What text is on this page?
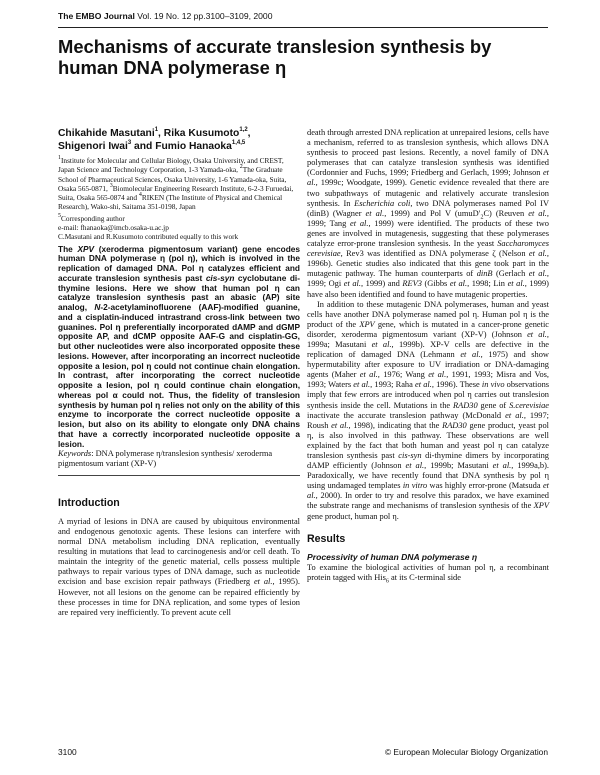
The EMBO Journal Vol. 19 No. 12 pp.3100–3109, 2000
Mechanisms of accurate translesion synthesis by
human DNA polymerase η

Chikahide Masutani$^1$, Rika Kusumoto$^{1,2}$,
Shigenori Iwai$^3$ and Fumio Hanaoka$^{1,4,5}$

$^1$Institute for Molecular and Cellular Biology, Osaka University, and CREST, Japan Science and Technology Corporation, 1-3 Yamada-oka, $^2$The Graduate School of Pharmaceutical Sciences, Osaka University, 1-6 Yamada-oka, Suita, Osaka 565-0871, $^3$Biomolecular Engineering Research Institute, 6-2-3 Furuedai, Suita, Osaka 565-0874 and $^4$RIKEN (The Institute of Physical and Chemical Research), Wako-shi, Saitama 351-0198, Japan

$^5$Corresponding author
e-mail: fhanaoka@imcb.osaka-u.ac.jp
C.Masutani and R.Kusumoto contributed equally to this work

The XPV (xeroderma pigmentosum variant) gene encodes human DNA polymerase η (pol η), which is involved in the replication of damaged DNA. Pol η catalyzes efficient and accurate translesion synthesis past cis-syn cyclobutane di-thymine lesions. Here we show that human pol η can catalyze translesion synthesis past an abasic (AP) site analog, N-2-acetylaminofluorene (AAF)-modified guanine, and a cisplatin-induced intrastrand cross-link between two guanines. Pol η preferentially incorporated dAMP and dGMP opposite AP, and dCMP opposite AAF-G and cisplatin-GG, but other nucleotides were also incorporated opposite these lesions. However, after incorporating an incorrect nucleotide opposite a lesion, pol η could not continue chain elongation. In contrast, after incorporating the correct nucleotide opposite a lesion, pol η could continue chain elongation, whereas pol α could not. Thus, the fidelity of translesion synthesis by human pol η relies not only on the ability of this enzyme to incorporate the correct nucleotide opposite a lesion, but also on its ability to elongate only DNA chains that have a correctly incorporated nucleotide opposite a lesion.

Keywords: DNA polymerase η/translesion synthesis/ xeroderma pigmentosum variant (XP-V)

Introduction

A myriad of lesions in DNA are caused by ubiquitous environmental and endogenous genotoxic agents. These lesions can interfere with normal DNA metabolism including DNA replication, eventually resulting in mutations that lead to carcinogenesis and/or cell death. To maintain the integrity of the genetic material, cells possess multiple pathways to repair various types of DNA damage, such as nucleotide excision and base excision repair pathways (Friedberg et al., 1995). However, not all lesions on the genome can be repaired efficiently by these processes in time for DNA replication, and some types of lesion are repaired very inefficiently. To prevent acute cell

death through arrested DNA replication at unrepaired lesions, cells have a mechanism, referred to as translesion synthesis, which allows DNA synthesis to proceed past lesions. Recently, a novel family of DNA polymerases that can catalyze translesion synthesis was identified (Cordonnier and Fuchs, 1999; Friedberg and Gerlach, 1999; Johnson et al., 1999c; Woodgate, 1999). Genetic evidence revealed that there are two subpathways of mutagenic and relatively accurate translesion synthesis. In Escherichia coli, two DNA polymerases named Pol IV (dinB) (Wagner et al., 1999) and Pol V $(umuD'_2C)$ (Reuven et al., 1999; Tang et al., 1999) were identified. The products of these two genes are involved in mutagenesis, suggesting that these polymerases catalyze error-prone translesion synthesis. In the yeast Saccharomyces cerevisiae, Rev3 was identified as DNA polymerase ζ (Nelson et al., 1996b). Genetic studies also indicated that this gene took part in the mutagenic pathway. The human counterparts of dinB (Gerlach et al., 1999; Ogi et al., 1999) and REV3 (Gibbs et al., 1998; Lin et al., 1999) have also been identified and found to have mutagenic properties.

In addition to these mutagenic DNA polymerases, human and yeast cells have another DNA polymerase named pol η. Human pol η is the product of the XPV gene, which is mutated in a cancer-prone genetic disorder, xeroderma pigmentosum variant (XP-V) (Johnson et al., 1999a; Masutani et al., 1999b). XP-V cells are defective in the replication of damaged DNA (Lehmann et al., 1975) and show hypermutability after exposure to UV irradiation or DNA-damaging agents (Maher et al., 1976; Wang et al., 1991, 1993; Misra and Vos, 1993; Waters et al., 1993; Raha et al., 1996). These in vivo observations imply that few errors are introduced when pol η carries out translesion synthesis inside the cell. Mutations in the RAD30 gene of S.cerevisiae inactivate the accurate translesion pathway (McDonald et al., 1997; Roush et al., 1998), indicating that the RAD30 gene product, yeast pol η, is also involved in this pathway. These observations are well explained by the fact that both human and yeast pol η can catalyze translesion synthesis past cis-syn di-thymine dimers by incorporating dAMP efficiently (Johnson et al., 1999b; Masutani et al., 1999a,b). Paradoxically, we have recently found that DNA synthesis by pol η using undamaged templates in vitro was highly error-prone (Matsuda et al., 2000). In order to try and resolve this paradox, we have examined the substrate range and mechanisms of translesion synthesis of the XPV gene product, human pol η.

Results
Processivity of human DNA polymerase η

To examine the biological activities of human pol η, a recombinant protein tagged with His$_6$ at its C-terminal side

3100	© European Molecular Biology Organization
